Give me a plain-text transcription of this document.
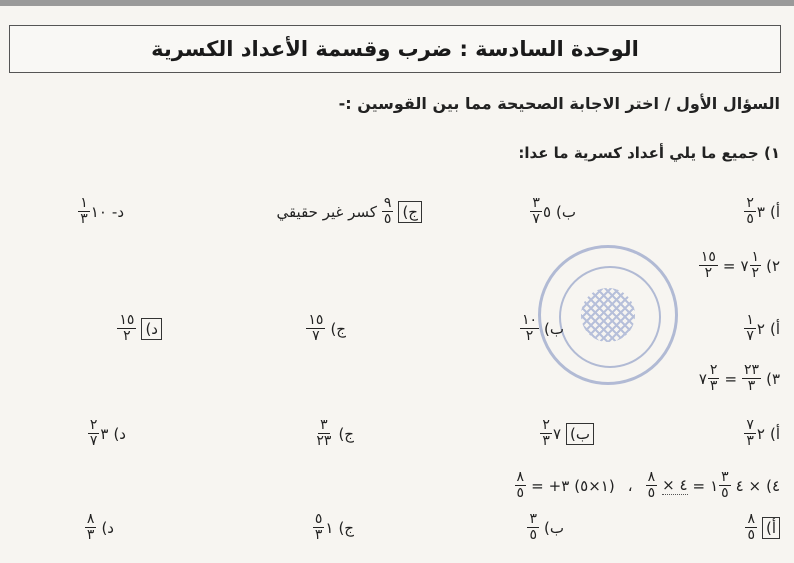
الوحدة السادسة : ضرب وقسمة الأعداد الكسرية
السؤال الأول / اختر الاجابة الصحيحة مما بين القوسين :-
١) جميع ما يلي أعداد كسرية ما عدا:
أ)
$\frac{٢}{٥}$ ٣
ب)
$\frac{٣}{٧}$ ٥
ج)
$\frac{٩}{٥}$
كسر غير حقيقي
د-
$\frac{١}{٣}$ ١٠
٢)
$\frac{١٥}{٢}$ = ٧ $\frac{١}{٢}$
أ)
$\frac{١}{٧}$ ٢
ب)
$\frac{١٠}{٢}$
ج)
$\frac{١٥}{٧}$
د)
$\frac{١٥}{٢}$
٣)
٧ $\frac{٢}{٣} = \frac{٢٣}{٣}$
أ)
$\frac{٧}{٣}$ ٢
ب)
$\frac{٢}{٣}$ ٧
ج)
$\frac{٣}{٢٣}$
د)
$\frac{٢}{٧}$ ٣
٤)
$\frac{٨}{٥}$ = +٣ (١×٥) ، $\frac{٨}{٥}$ × ٤ = ١ $\frac{٣}{٥}$ ٤ ×
أ)
$\frac{٨}{٥}$
ب)
$\frac{٣}{٥}$
ج)
$\frac{٥}{٣}$ ١
د)
$\frac{٨}{٣}$
